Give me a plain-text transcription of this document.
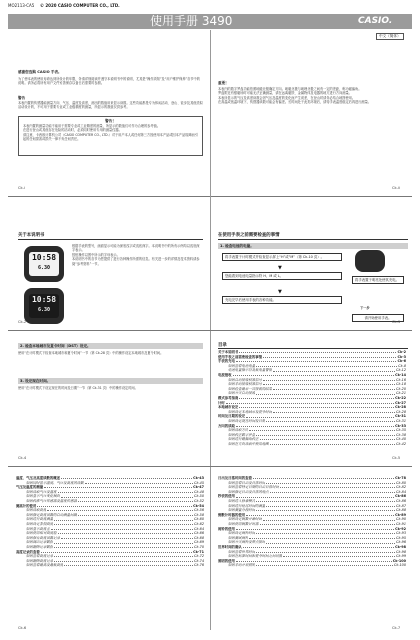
MO2113-CA5 © 2020 CASIO COMPUTER CO., LTD.
使用手册 3490	CASIO.
感谢您选购 CASIO 手表。
为了使本表的使用寿命达到所设计的年限，务请详细阅读并遵守本说明书中的说明，尤其是“操作须知”及“用户维护保养”各节中的说明。请务必将所有用户文件妥善保存以备日后需要时参照。
警告
本表内置的传感器能测量方向、气压、温度及高度，测出的数值用来显示读数。这些功能都是专为休闲活动、登山、徒步及其他类似活动设计的，不可用于需要专业或工业级精度的测量，所显示的数值仅供参考。
警告！
本表内置的测量功能不能用于需要专业或工业精度的测量，所显示的数值仅可作为合理的参考值。
在进行登山或其他存在危险的活动时，必须同时使用专用的测量仪器。
请注意，卡西欧计算机公司（CASIO COMPUTER CO., LTD.）对于用户本人或任何第三方因使用本产品或因本产品故障而引起的任何损害或损失一律不负任何责任。
中文（简体）
重要！
本表内的数字罗盘功能依照地磁北极确定方向。地磁北极与地理北极之间有一定的差距，称为磁偏角。
罗盘附近有强磁场时可能无法正确测量，请在远离磁铁、金属物体及电器的地方进行方向测量。
本表所显示的气压及高度读数会因气压及温度的变化而产生误差，在登山时请务必结合地图使用。
在高温或低温环境下，传感器读数可能会有偏差。长时间处于此类环境后，请待手表温度稳定后再进行测量。
Ck-i	Ck-ii
关于本说明书
10:58
6.30
10:58
6.30
根据手表的型号，画面显示可能为深底浅字或浅底深字。本说明书中的所有示例均以浅底深字表示。
按钮操作以图中所示的字母表示。
本说明书中的各节为您提供了进行各种操作所需的信息。有关进一步的详情及技术资料请参阅“参考资料”一节。
在使用手表之前需要检查的事情
1. 检查电池的电量。
将手表置于计时模式并检查显示屏上“H”或“M”（第 Ck-10 页）。
▼
您能看到电池电量指示符 H、M 或 L。
将手表置于明亮处使其充电。
▼
充电完毕后使用手表的各种功能。
下一步
请开始使用手表。
Ck-2	Ck-3
2. 检查本地城市及夏令时间（DST）设定。
使用“在计时模式下检查本地城市和夏令时间”一节（第 Ck-28 页）中的操作设定本地城市及夏令时间。
3. 设定现在时间。
使用“在计时模式下设定现在的时间及日期”一节（第 Ck-31 页）中的操作设定时间。
目录
关于本说明书	Ck-2
使用手表之前需要检查的事情	Ck-3
手表的充电	Ck-6
如何查看电池电量	Ck-8
电池电量指示符及低电量警报	Ck-12
电波接收	Ck-14
如何自动接收校准信号	Ck-16
如何手动接收校准信号	Ck-18
如何检查最后一次接收的结果	Ck-20
如何开关自动接收	Ck-21
模式参考指南	Ck-22
计时	Ck-27
本地城市设定	Ck-28
如何设定本地城市及夏令时间	Ck-28
时间及日期的设定	Ck-31
如何设定现在时间及日期	Ck-31
方向的读取	Ck-33
如何读取方向	Ck-35
如何校正数字罗盘	Ck-38
如何进行磁偏角校正	Ck-40
如何在方向读取中使用地图	Ck-42
Ck-4	Ck-5
温度、气压及高度读数的概述	Ck-43
如何同时显示温度、气压及高度的读数	Ck-45
气压及温度的测量	Ck-47
如何读取气压及温度	Ck-48
如何显示气压变化倾向	Ck-50
如何校准气压传感器及温度传感器	Ck-52
测高计的使用	Ck-54
如何读取高度	Ck-56
如何指定高度读数的自动测量间隔	Ck-58
如何进行高度测量	Ck-60
如何设定参照高度	Ck-62
如何显示高度差	Ck-64
如何使用相对高度值	Ck-66
如何保存高度读数记录	Ck-68
如何调出记录数据	Ck-69
如何删除记录数据	Ck-70
高度记录的查看	Ck-71
如何查看高度记录	Ck-72
如何删除高度记录	Ck-74
如何查看最高及最低高度	Ck-76
日出及日落时间的查看	Ck-78
如何查看日出及日落时间	Ck-80
如何查看特定日期的日出日落时间	Ck-82
如何指定日出及日落的地点	Ck-84
秒表的使用	Ck-86
如何进入秒表模式	Ck-86
如何进行经过时间的测量	Ck-87
如何测量分段时间	Ck-88
倒数计时器的使用	Ck-89
如何设定倒数开始时间	Ck-90
如何使用倒数计时器	Ck-91
闹铃的使用	Ck-92
如何设定闹铃时间	Ck-93
如何测试闹铃	Ck-95
如何开关闹铃及整点报时	Ck-96
世界时间的确认	Ck-98
如何查看世界时间	Ck-98
如何在标准时间和夏令时间之间切换	Ck-99
照明的使用	Ck-100
如何手动开启照明	Ck-100
Ck-6	Ck-7
